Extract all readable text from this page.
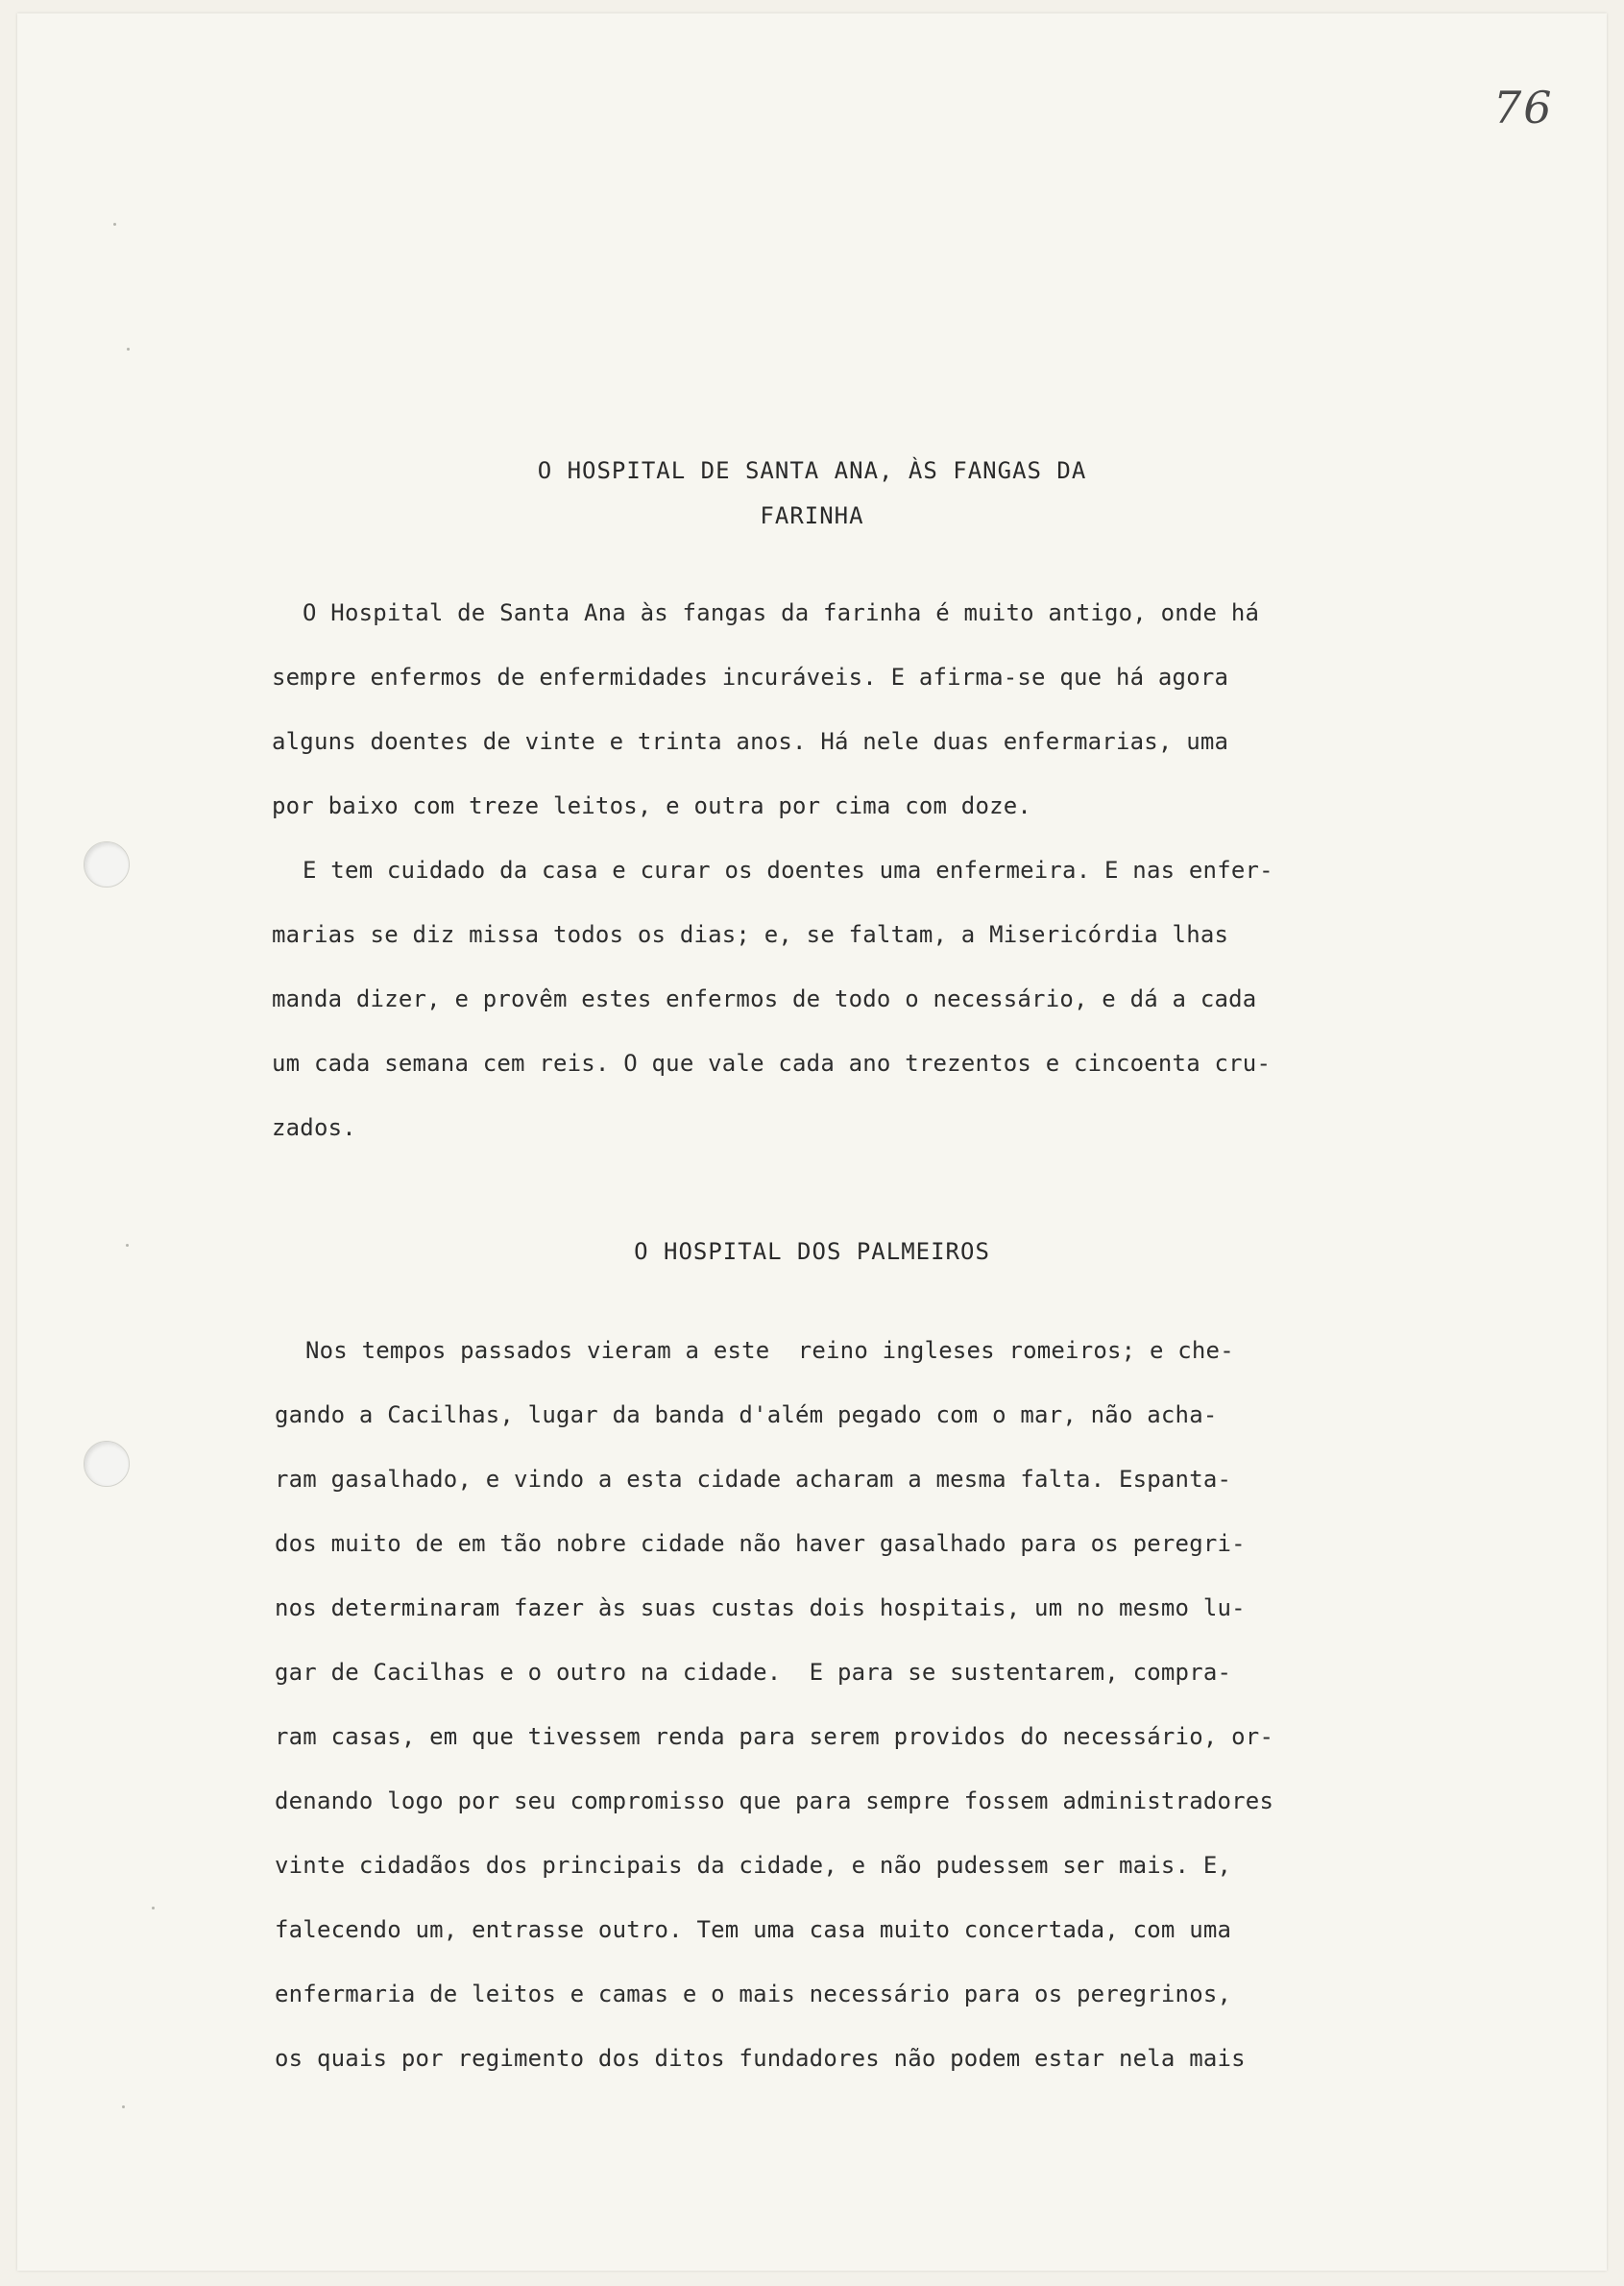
76
O HOSPITAL DE SANTA ANA, ÀS FANGAS DA
FARINHA
O Hospital de Santa Ana às fangas da farinha é muito antigo, onde há
sempre enfermos de enfermidades incuráveis. E afirma-se que há agora
alguns doentes de vinte e trinta anos. Há nele duas enfermarias, uma
por baixo com treze leitos, e outra por cima com doze.
E tem cuidado da casa e curar os doentes uma enfermeira. E nas enfer-
marias se diz missa todos os dias; e, se faltam, a Misericórdia lhas
manda dizer, e provêm estes enfermos de todo o necessário, e dá a cada
um cada semana cem reis. O que vale cada ano trezentos e cincoenta cru-
zados.
O HOSPITAL DOS PALMEIROS
Nos tempos passados vieram a este  reino ingleses romeiros; e che-
gando a Cacilhas, lugar da banda d'além pegado com o mar, não acha-
ram gasalhado, e vindo a esta cidade acharam a mesma falta. Espanta-
dos muito de em tão nobre cidade não haver gasalhado para os peregri-
nos determinaram fazer às suas custas dois hospitais, um no mesmo lu-
gar de Cacilhas e o outro na cidade.  E para se sustentarem, compra-
ram casas, em que tivessem renda para serem providos do necessário, or-
denando logo por seu compromisso que para sempre fossem administradores
vinte cidadãos dos principais da cidade, e não pudessem ser mais. E,
falecendo um, entrasse outro. Tem uma casa muito concertada, com uma
enfermaria de leitos e camas e o mais necessário para os peregrinos,
os quais por regimento dos ditos fundadores não podem estar nela mais
